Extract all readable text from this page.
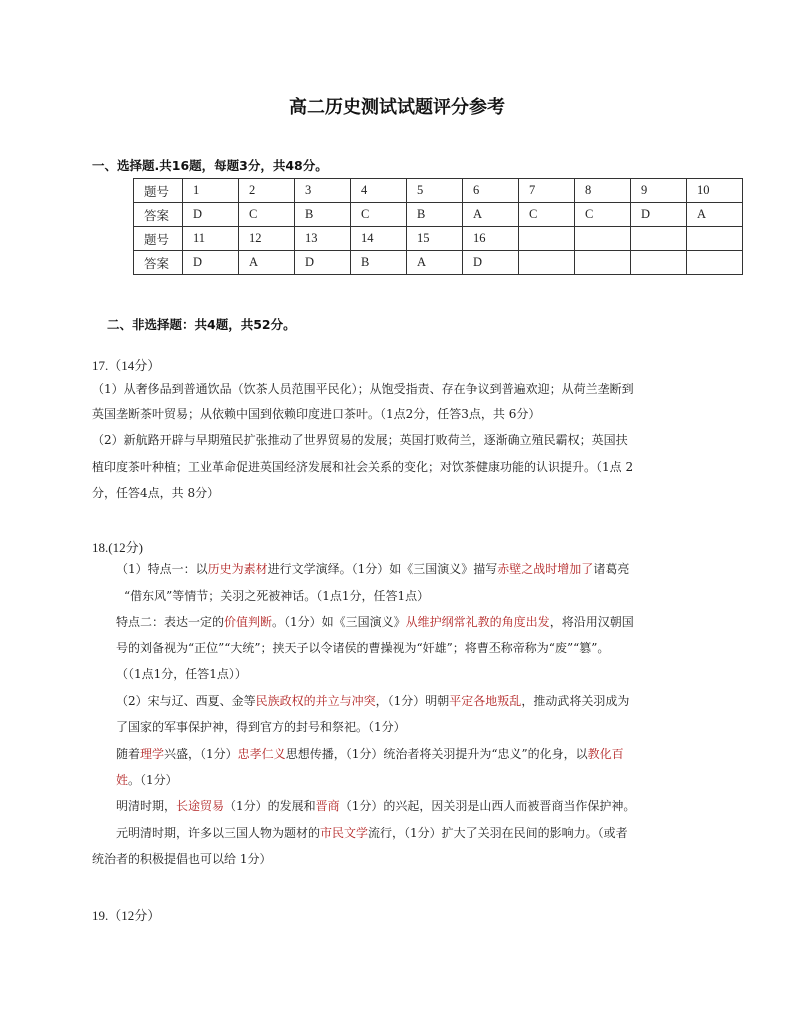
高二历史测试试题评分参考
一、选择题.共16题，每题3分，共48分。
题号	1	2	3	4	5	6	7	8	9	10
答案	D	C	B	C	B	A	C	C	D	A
题号	11	12	13	14	15	16				
答案	D	A	D	B	A	D				
二、非选择题：共4题，共52分。
17.（14分）
（1）从奢侈品到普通饮品（饮茶人员范围平民化）；从饱受指责、存在争议到普遍欢迎；从荷兰垄断到
英国垄断茶叶贸易；从依赖中国到依赖印度进口茶叶。（1点2分，任答3点，共 6分）
（2）新航路开辟与早期殖民扩张推动了世界贸易的发展；英国打败荷兰，逐渐确立殖民霸权；英国扶
植印度茶叶种植；工业革命促进英国经济发展和社会关系的变化；对饮茶健康功能的认识提升。（1点 2
分，任答4点，共 8分）
18.(12分)
（1）特点一：以历史为素材进行文学演绎。（1分）如《三国演义》描写赤壁之战时增加了诸葛亮
“借东风”等情节；关羽之死被神话。（1点1分，任答1点）
特点二：表达一定的价值判断。（1分）如《三国演义》从维护纲常礼教的角度出发，将沿用汉朝国
号的刘备视为“正位”“大统”；挟天子以令诸侯的曹操视为“奸雄”；将曹丕称帝称为“废”“篡”。
（（1点1分，任答1点））
（2）宋与辽、西夏、金等民族政权的并立与冲突，（1分）明朝平定各地叛乱，推动武将关羽成为
了国家的军事保护神，得到官方的封号和祭祀。（1分）
随着理学兴盛，（1分）忠孝仁义思想传播，（1分）统治者将关羽提升为“忠义”的化身，以教化百
姓。（1分）
明清时期，长途贸易（1分）的发展和晋商（1分）的兴起，因关羽是山西人而被晋商当作保护神。
元明清时期，许多以三国人物为题材的市民文学流行，（1分）扩大了关羽在民间的影响力。（或者
统治者的积极提倡也可以给 1分）
19.（12分）
